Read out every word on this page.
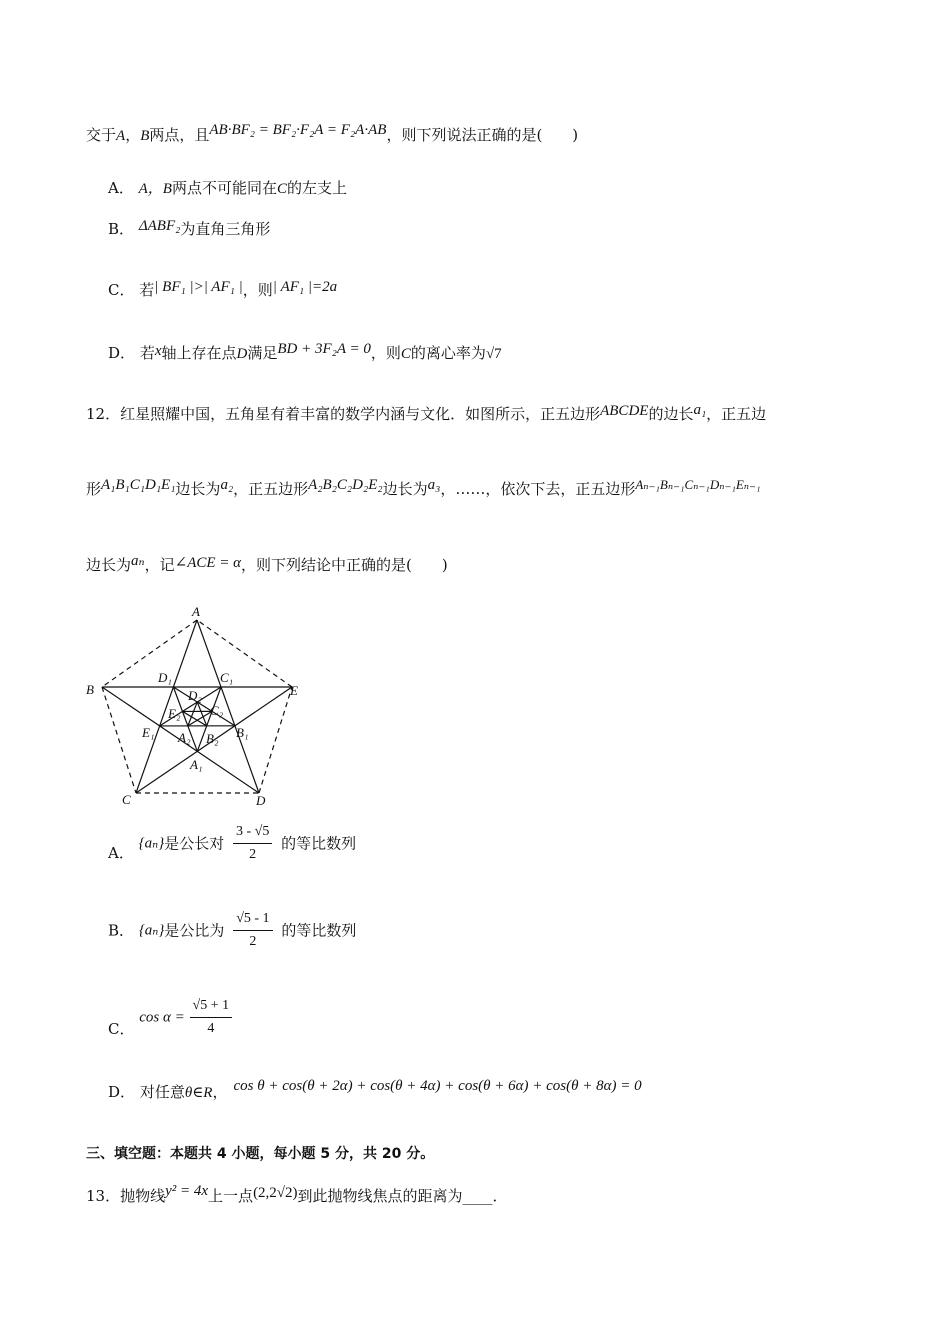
交于A，B两点，且AB·BF₂ = BF₂·F₂A = F₂A·AB，则下列说法正确的是(　　)
A． A，B两点不可能同在C的左支上
B． ΔABF₂为直角三角形
C． 若| BF₁ |>| AF₁ |，则| AF₁ |=2a
D． 若x轴上存在点D满足BD + 3F₂A = 0，则C的离心率为√7
12．红星照耀中国，五角星有着丰富的数学内涵与文化．如图所示，正五边形ABCDE的边长a₁，正五边
形A₁B₁C₁D₁E₁边长为a₂，正五边形A₂B₂C₂D₂E₂边长为a₃，……，依次下去，正五边形Aₙ₋₁Bₙ₋₁Cₙ₋₁Dₙ₋₁Eₙ₋₁
边长为aₙ，记∠ACE = α，则下列结论中正确的是(　　)
A
B
C	D
E
D₁	C₁
E₁	B₁
A₁
D₂
C₂
E₂
A₂ B₂
A． {aₙ}是公长对 $\frac{3 - √5}{2}$ 的等比数列
B． {aₙ}是公比为 $\frac{√5 - 1}{2}$ 的等比数列
C． $\cos \alpha = \frac{√5 + 1}{4}$
D． 对任意θ∈R， cos θ + cos(θ + 2α) + cos(θ + 4α) + cos(θ + 6α) + cos(θ + 8α) = 0
三、填空题：本题共 4 小题，每小题 5 分，共 20 分。
13．抛物线y² = 4x上一点(2,2√2)到此抛物线焦点的距离为____．
